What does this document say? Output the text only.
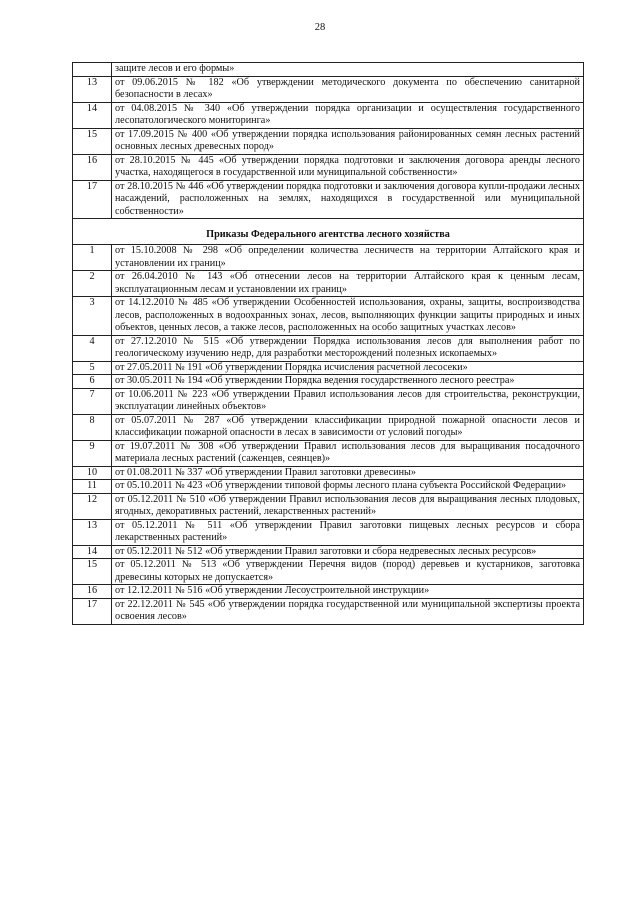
28
	защите лесов и его формы»
13	от 09.06.2015 № 182 «Об утверждении методического документа по обеспечению санитарной безопасности в лесах»
14	от 04.08.2015 № 340 «Об утверждении порядка организации и осуществления государственного лесопатологического мониторинга»
15	от 17.09.2015 № 400 «Об утверждении порядка использования районированных семян лесных растений основных лесных древесных пород»
16	от 28.10.2015 № 445 «Об утверждении порядка подготовки и заключения договора аренды лесного участка, находящегося в государственной или муниципальной собственности»
17	от 28.10.2015 № 446 «Об утверждении порядка подготовки и заключения договора купли-продажи лесных насаждений, расположенных на землях, находящихся в государственной или муниципальной собственности»
Приказы Федерального агентства лесного хозяйства	
1	от 15.10.2008 № 298 «Об определении количества лесничеств на территории Алтайского края и установлении их границ»
2	от 26.04.2010 № 143 «Об отнесении лесов на территории Алтайского края к ценным лесам, эксплуатационным лесам и установлении их границ»
3	от 14.12.2010 № 485 «Об утверждении Особенностей использования, охраны, защиты, воспроизводства лесов, расположенных в водоохранных зонах, лесов, выполняющих функции защиты природных и иных объектов, ценных лесов, а также лесов, расположенных на особо защитных участках лесов»
4	от 27.12.2010 № 515 «Об утверждении Порядка использования лесов для выполнения работ по геологическому изучению недр, для разработки месторождений полезных ископаемых»
5	от 27.05.2011 № 191 «Об утверждении Порядка исчисления расчетной лесосеки»
6	от 30.05.2011 № 194 «Об утверждении Порядка ведения государственного лесного реестра»
7	от 10.06.2011 № 223 «Об утверждении Правил использования лесов для строительства, реконструкции, эксплуатации линейных объектов»
8	от 05.07.2011 № 287 «Об утверждении классификации природной пожарной опасности лесов и классификации пожарной опасности в лесах в зависимости от условий погоды»
9	от 19.07.2011 № 308 «Об утверждении Правил использования лесов для выращивания посадочного материала лесных растений (саженцев, сеянцев)»
10	от 01.08.2011 № 337 «Об утверждении Правил заготовки древесины»
11	от 05.10.2011 № 423 «Об утверждении типовой формы лесного плана субъекта Российской Федерации»
12	от 05.12.2011 № 510 «Об утверждении Правил использования лесов для выращивания лесных плодовых, ягодных, декоративных растений, лекарственных растений»
13	от 05.12.2011 № 511 «Об утверждении Правил заготовки пищевых лесных ресурсов и сбора лекарственных растений»
14	от 05.12.2011 № 512 «Об утверждении Правил заготовки и сбора недревесных лесных ресурсов»
15	от 05.12.2011 № 513 «Об утверждении Перечня видов (пород) деревьев и кустарников, заготовка древесины которых не допускается»
16	от 12.12.2011 № 516 «Об утверждении Лесоустроительной инструкции»
17	от 22.12.2011 № 545 «Об утверждении порядка государственной или муниципальной экспертизы проекта освоения лесов»
